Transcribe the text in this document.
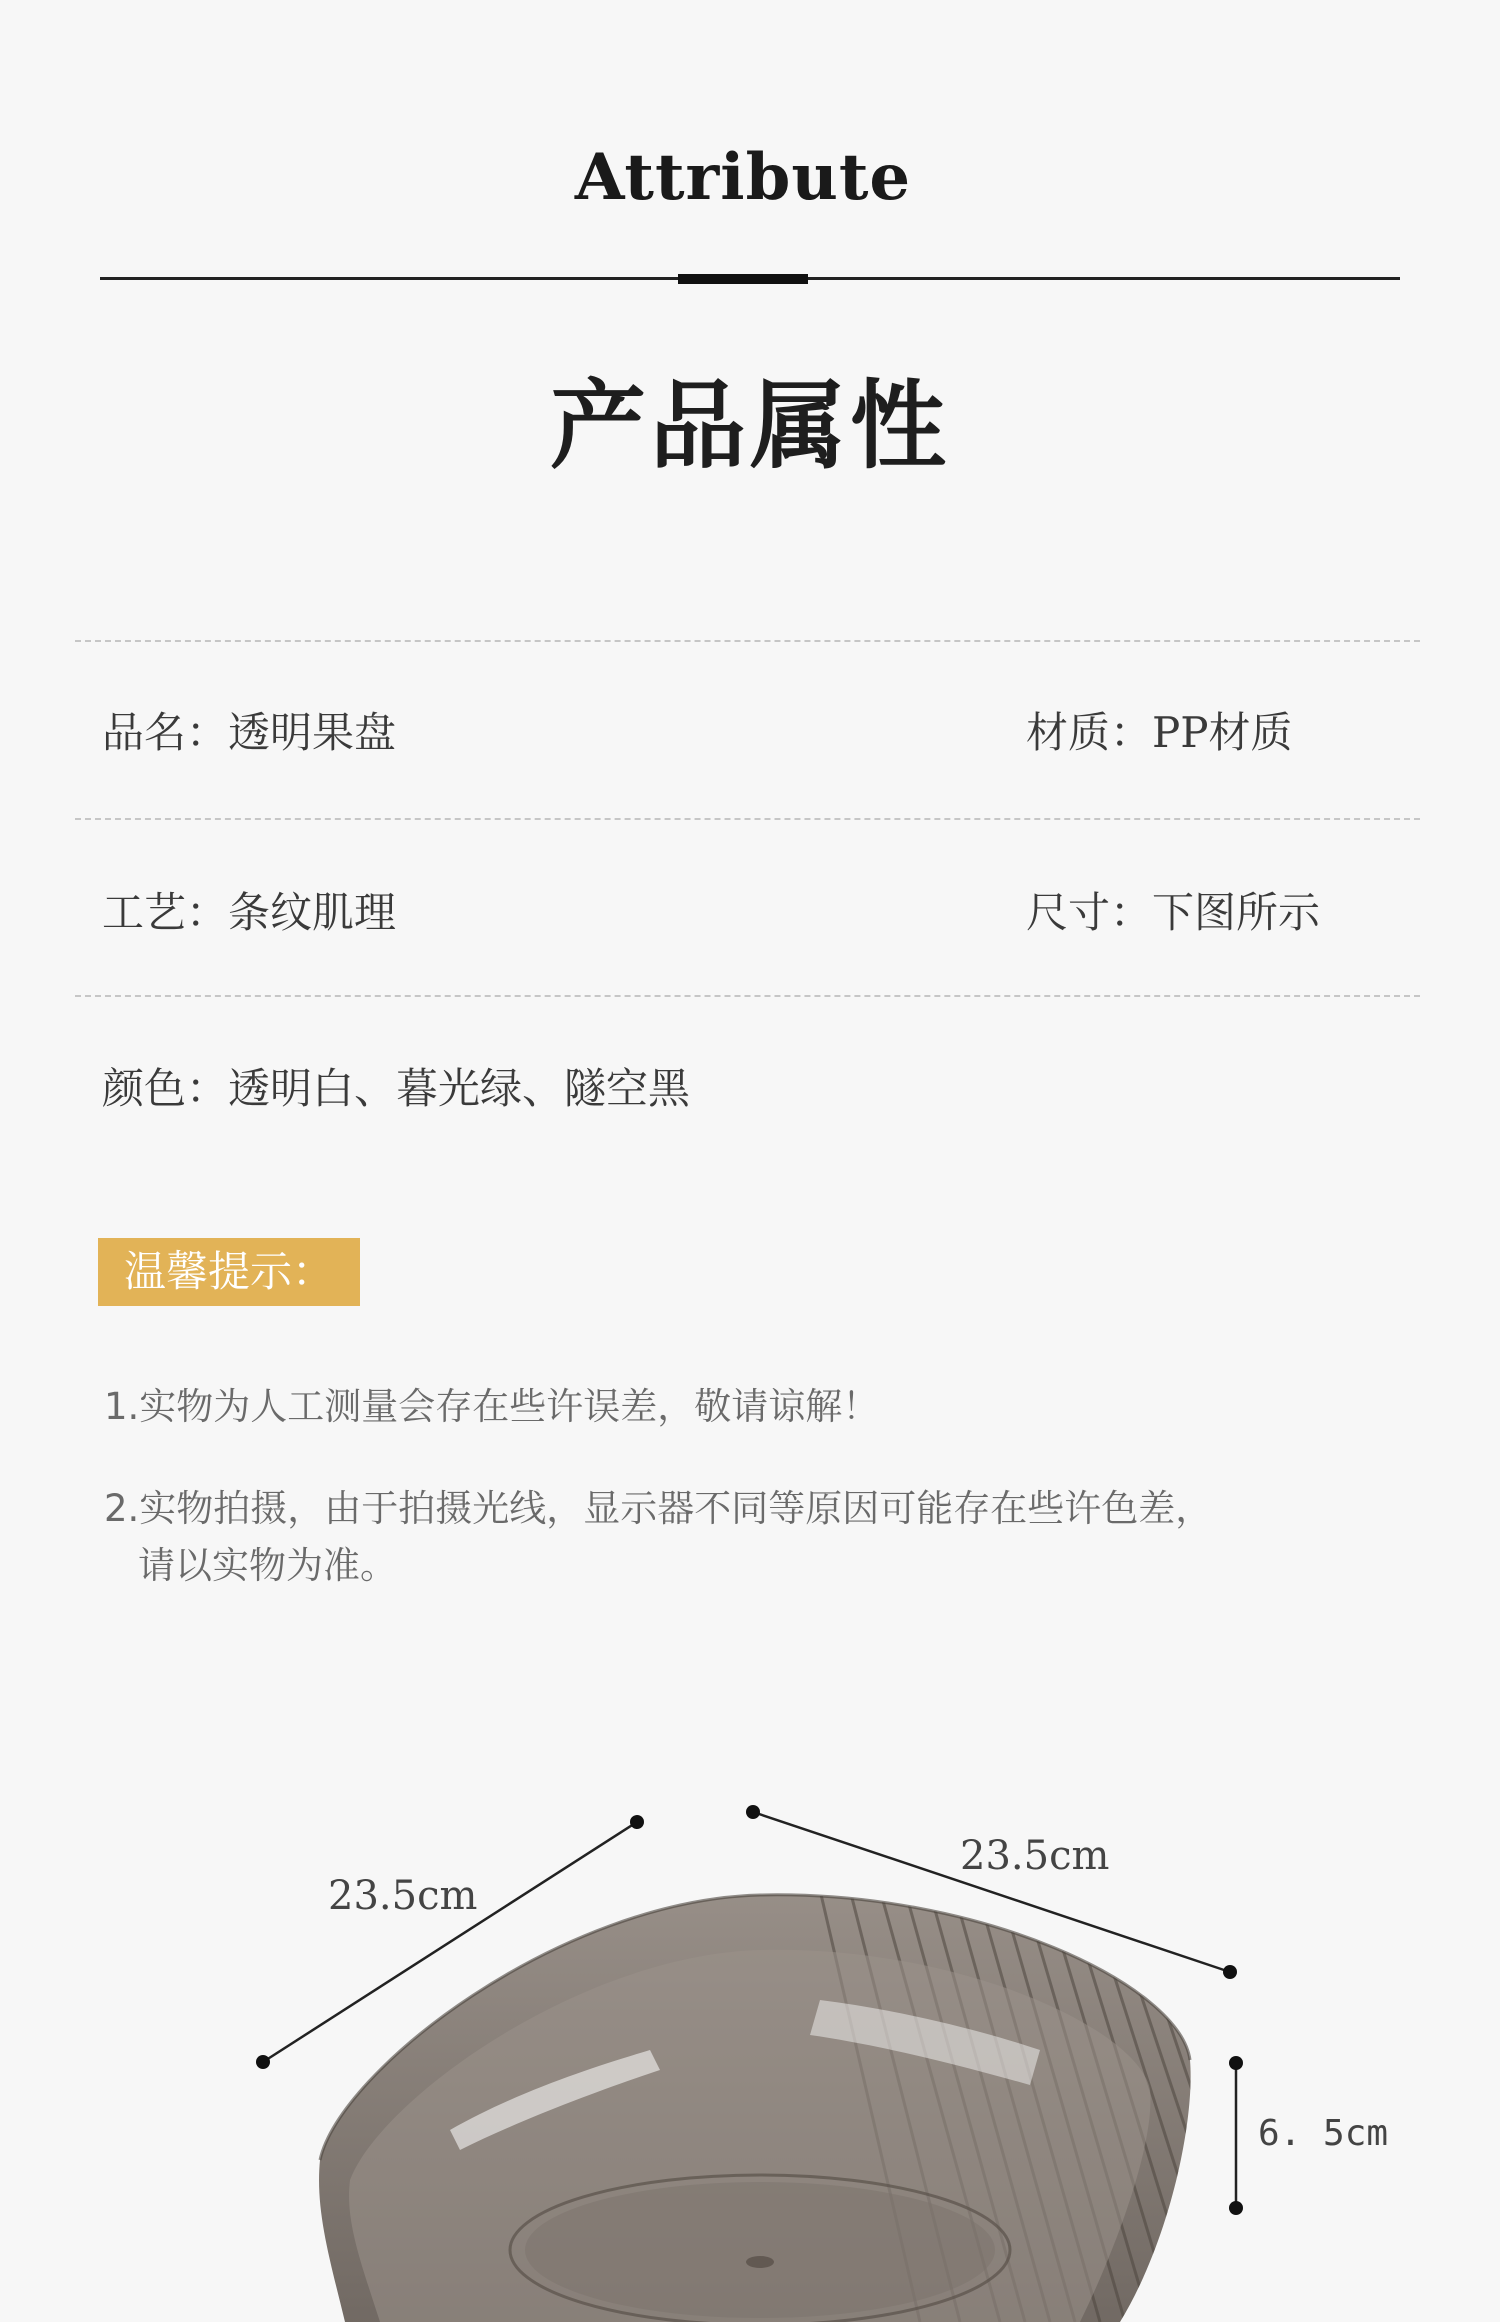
Attribute
产品属性
品名：透明果盘	材质：PP材质
工艺：条纹肌理	尺寸：下图所示
颜色：透明白、暮光绿、隧空黑
温馨提示：
1.实物为人工测量会存在些许误差，敬请谅解！
2.实物拍摄，由于拍摄光线，显示器不同等原因可能存在些许色差，
请以实物为准。
23.5cm
23.5cm
6. 5cm
